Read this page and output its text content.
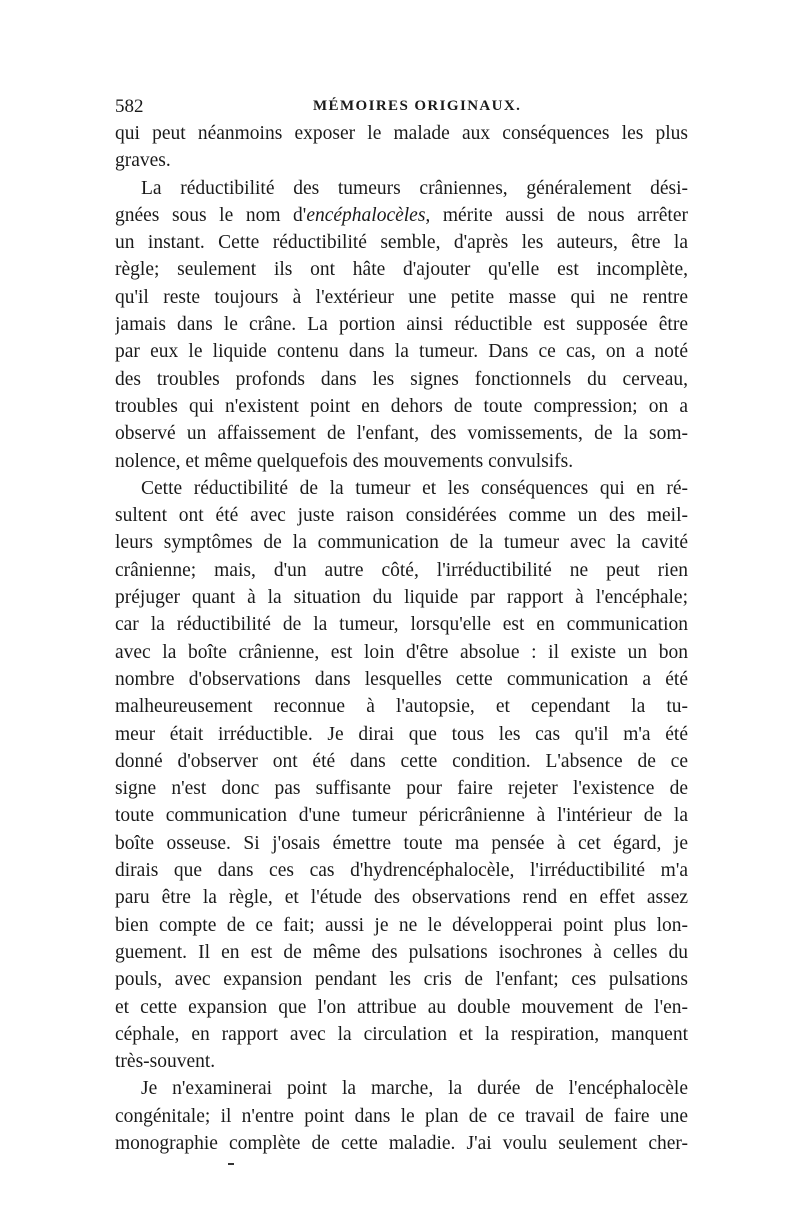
582	MÉMOIRES ORIGINAUX.
qui peut néanmoins exposer le malade aux conséquences les plus
graves.
La réductibilité des tumeurs crâniennes, généralement dési-
gnées sous le nom d'encéphalocèles, mérite aussi de nous arrêter
un instant. Cette réductibilité semble, d'après les auteurs, être la
règle; seulement ils ont hâte d'ajouter qu'elle est incomplète,
qu'il reste toujours à l'extérieur une petite masse qui ne rentre
jamais dans le crâne. La portion ainsi réductible est supposée être
par eux le liquide contenu dans la tumeur. Dans ce cas, on a noté
des troubles profonds dans les signes fonctionnels du cerveau,
troubles qui n'existent point en dehors de toute compression; on a
observé un affaissement de l'enfant, des vomissements, de la som-
nolence, et même quelquefois des mouvements convulsifs.
Cette réductibilité de la tumeur et les conséquences qui en ré-
sultent ont été avec juste raison considérées comme un des meil-
leurs symptômes de la communication de la tumeur avec la cavité
crânienne; mais, d'un autre côté, l'irréductibilité ne peut rien
préjuger quant à la situation du liquide par rapport à l'encéphale;
car la réductibilité de la tumeur, lorsqu'elle est en communication
avec la boîte crânienne, est loin d'être absolue : il existe un bon
nombre d'observations dans lesquelles cette communication a été
malheureusement reconnue à l'autopsie, et cependant la tu-
meur était irréductible. Je dirai que tous les cas qu'il m'a été
donné d'observer ont été dans cette condition. L'absence de ce
signe n'est donc pas suffisante pour faire rejeter l'existence de
toute communication d'une tumeur péricrânienne à l'intérieur de la
boîte osseuse. Si j'osais émettre toute ma pensée à cet égard, je
dirais que dans ces cas d'hydrencéphalocèle, l'irréductibilité m'a
paru être la règle, et l'étude des observations rend en effet assez
bien compte de ce fait; aussi je ne le développerai point plus lon-
guement. Il en est de même des pulsations isochrones à celles du
pouls, avec expansion pendant les cris de l'enfant; ces pulsations
et cette expansion que l'on attribue au double mouvement de l'en-
céphale, en rapport avec la circulation et la respiration, manquent
très-souvent.
Je n'examinerai point la marche, la durée de l'encéphalocèle
congénitale; il n'entre point dans le plan de ce travail de faire une
monographie complète de cette maladie. J'ai voulu seulement cher-
